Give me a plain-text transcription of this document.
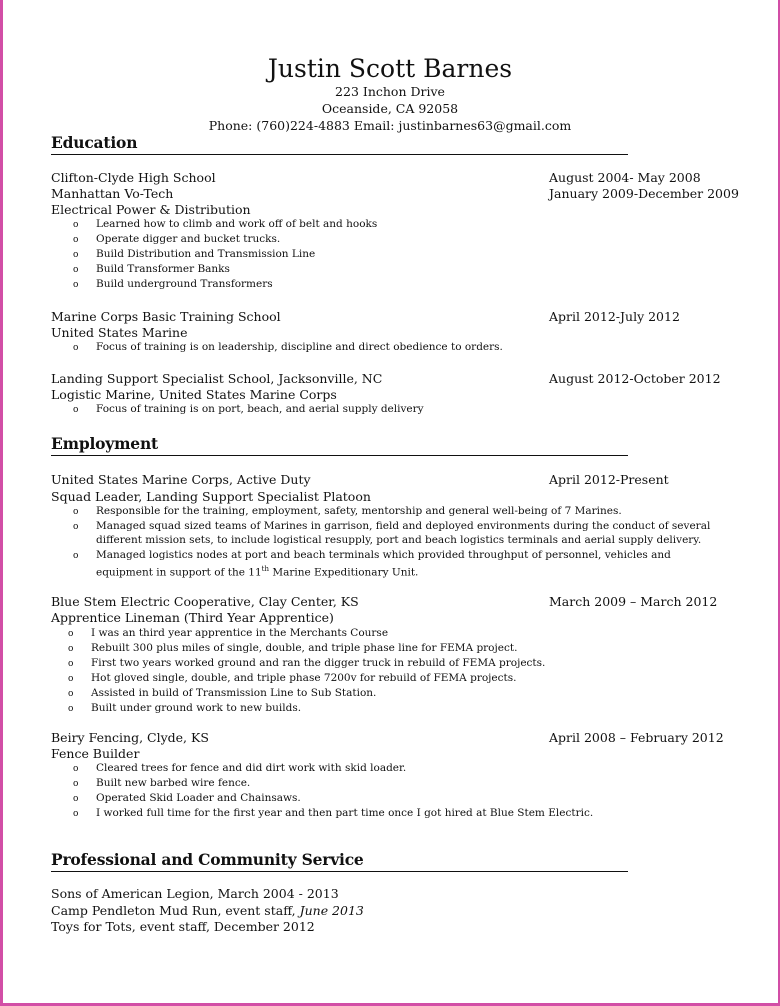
Justin Scott Barnes
223 Inchon Drive
Oceanside, CA 92058
Phone: (760)224-4883 Email: justinbarnes63@gmail.com
Education
Clifton-Clyde High School	August 2004- May 2008
Manhattan Vo-Tech	January 2009-December 2009
Electrical Power & Distribution
o Learned how to climb and work off of belt and hooks
o Operate digger and bucket trucks.
o Build Distribution and Transmission Line
o Build Transformer Banks
o Build underground Transformers
Marine Corps Basic Training School	April 2012-July 2012
United States Marine
o Focus of training is on leadership, discipline and direct obedience to orders.
Landing Support Specialist School, Jacksonville, NC	August 2012-October 2012
Logistic Marine, United States Marine Corps
o Focus of training is on port, beach, and aerial supply delivery
Employment
United States Marine Corps, Active Duty	April 2012-Present
Squad Leader, Landing Support Specialist Platoon
o Responsible for the training, employment, safety, mentorship and general well-being of 7 Marines.
o Managed squad sized teams of Marines in garrison, field and deployed environments during the conduct of several
different mission sets, to include logistical resupply, port and beach logistics terminals and aerial supply delivery.
o Managed logistics nodes at port and beach terminals which provided throughput of personnel, vehicles and
equipment in support of the 11th Marine Expeditionary Unit.
Blue Stem Electric Cooperative, Clay Center, KS	March 2009 – March 2012
Apprentice Lineman (Third Year Apprentice)
o I was an third year apprentice in the Merchants Course
o Rebuilt 300 plus miles of single, double, and triple phase line for FEMA project.
o First two years worked ground and ran the digger truck in rebuild of FEMA projects.
o Hot gloved single, double, and triple phase 7200v for rebuild of FEMA projects.
o Assisted in build of Transmission Line to Sub Station.
o Built under ground work to new builds.
Beiry Fencing, Clyde, KS	April 2008 – February 2012
Fence Builder
o Cleared trees for fence and did dirt work with skid loader.
o Built new barbed wire fence.
o Operated Skid Loader and Chainsaws.
o I worked full time for the first year and then part time once I got hired at Blue Stem Electric.
Professional and Community Service
Sons of American Legion, March 2004 - 2013
Camp Pendleton Mud Run, event staff, June 2013
Toys for Tots, event staff, December 2012
